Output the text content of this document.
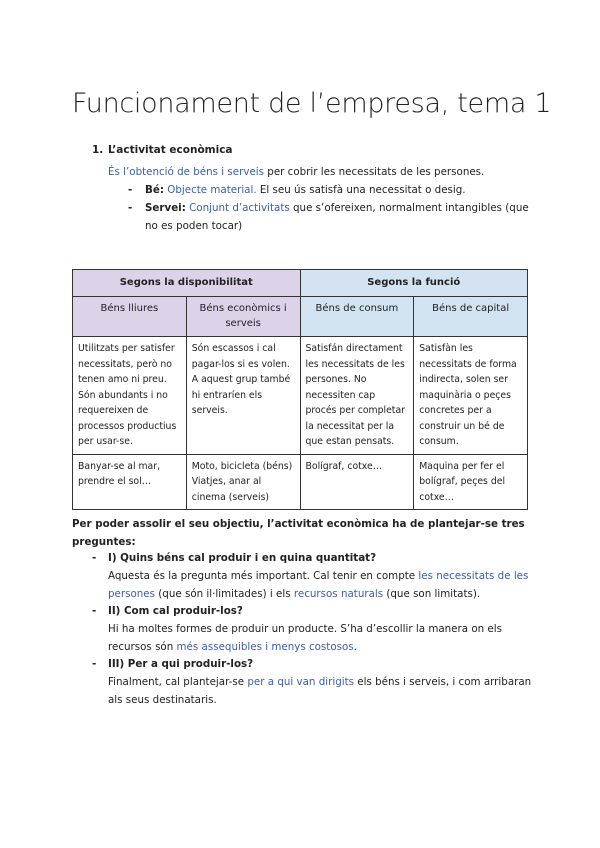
Funcionament de l’empresa, tema 1
1. L’activitat econòmica
És l’obtenció de béns i serveis per cobrir les necessitats de les persones.
- Bé: Objecte material. El seu ús satisfà una necessitat o desig.
- Servei: Conjunt d’activitats que s’ofereixen, normalment intangibles (que
no es poden tocar)
Segons la disponibilitat		Segons la funció	
Béns lliures	Béns econòmics i serveis	Béns de consum	Béns de capital
Utilitzats per satisfer necessitats, però no tenen amo ni preu. Són abundants i no requereixen de processos productius per usar-se.	Són escassos i cal pagar-los si es volen. A aquest grup també hi entraríen els serveis.	Satisfán directament les necessitats de les persones. No necessiten cap procés per completar la necessitat per la que estan pensats.	Satisfàn les necessitats de forma indirecta, solen ser maquinària o peçes concretes per a construir un bé de consum.
Banyar-se al mar, prendre el sol…	Moto, bicicleta (béns) Viatjes, anar al cinema (serveis)	Bolígraf, cotxe…	Maquina per fer el bolígraf, peçes del cotxe…
Per poder assolir el seu objectiu, l’activitat econòmica ha de plantejar-se tres
preguntes:
- I) Quins béns cal produir i en quina quantitat?
Aquesta és la pregunta més important. Cal tenir en compte les necessitats de les
persones (que són il·limitades) i els recursos naturals (que son limitats).
- II) Com cal produir-los?
Hi ha moltes formes de produir un producte. S’ha d’escollir la manera on els
recursos són més assequibles i menys costosos.
- III) Per a qui produir-los?
Finalment, cal plantejar-se per a qui van dirigits els béns i serveis, i com arribaran
als seus destinataris.
